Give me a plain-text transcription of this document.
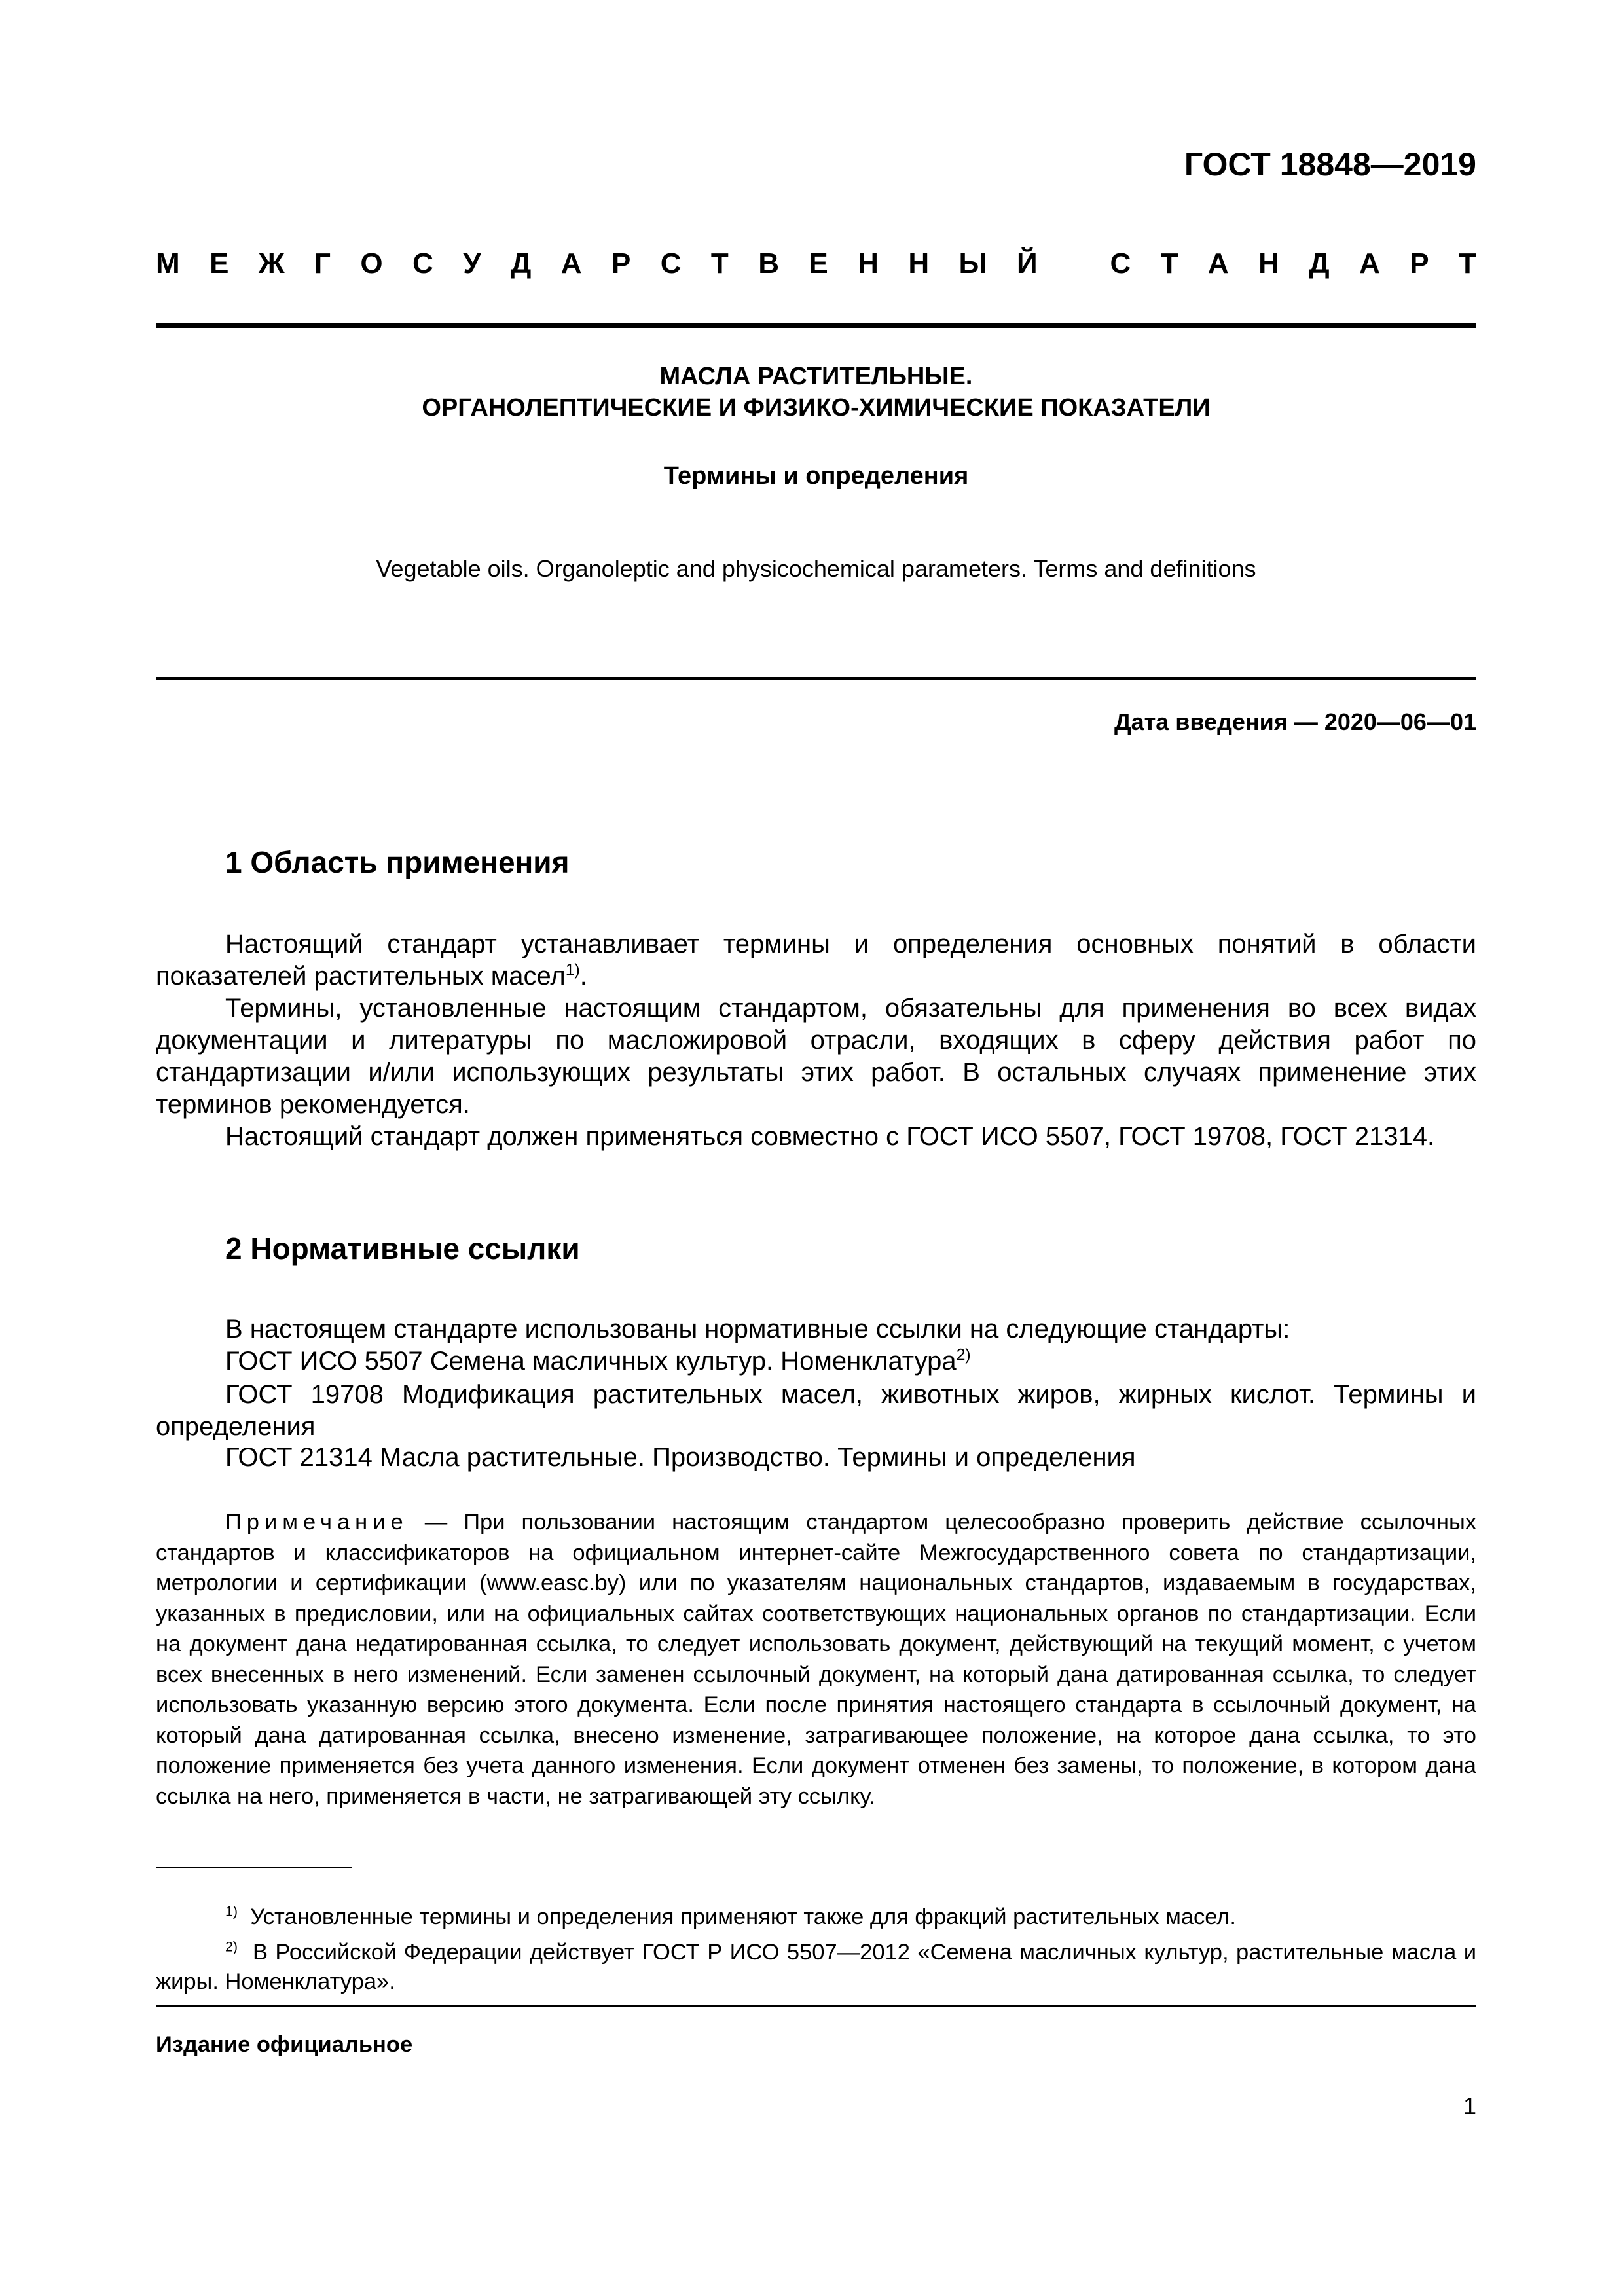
ГОСТ 18848—2019
М Е Ж Г О С У Д А Р С Т В Е Н Н Ы Й	С Т А Н Д А Р Т
МАСЛА РАСТИТЕЛЬНЫЕ.
ОРГАНОЛЕПТИЧЕСКИЕ И ФИЗИКО-ХИМИЧЕСКИЕ ПОКАЗАТЕЛИ
Термины и определения
Vegetable oils. Organoleptic and physicochemical parameters. Terms and definitions
Дата введения — 2020—06—01
1 Область применения
Настоящий стандарт устанавливает термины и определения основных понятий в области показателей растительных масел$^{1)}$.
Термины, установленные настоящим стандартом, обязательны для применения во всех видах документации и литературы по масложировой отрасли, входящих в сферу действия работ по стандартизации и/или использующих результаты этих работ. В остальных случаях применение этих терминов рекомендуется.
Настоящий стандарт должен применяться совместно с ГОСТ ИСО 5507, ГОСТ 19708, ГОСТ 21314.
2 Нормативные ссылки
В настоящем стандарте использованы нормативные ссылки на следующие стандарты:
ГОСТ ИСО 5507 Семена масличных культур. Номенклатура$^{2)}$
ГОСТ 19708 Модификация растительных масел, животных жиров, жирных кислот. Термины и определения
ГОСТ 21314 Масла растительные. Производство. Термины и определения
Примечание — При пользовании настоящим стандартом целесообразно проверить действие ссылочных стандартов и классификаторов на официальном интернет-сайте Межгосударственного совета по стандартизации, метрологии и сертификации (www.easc.by) или по указателям национальных стандартов, издаваемым в государствах, указанных в предисловии, или на официальных сайтах соответствующих национальных органов по стандартизации. Если на документ дана недатированная ссылка, то следует использовать документ, действующий на текущий момент, с учетом всех внесенных в него изменений. Если заменен ссылочный документ, на который дана датированная ссылка, то следует использовать указанную версию этого документа. Если после принятия настоящего стандарта в ссылочный документ, на который дана датированная ссылка, внесено изменение, затрагивающее положение, на которое дана ссылка, то это положение применяется без учета данного изменения. Если документ отменен без замены, то положение, в котором дана ссылка на него, применяется в части, не затрагивающей эту ссылку.
$^{1)}$ Установленные термины и определения применяют также для фракций растительных масел.
$^{2)}$ В Российской Федерации действует ГОСТ Р ИСО 5507—2012 «Семена масличных культур, растительные масла и жиры. Номенклатура».
Издание официальное
1
